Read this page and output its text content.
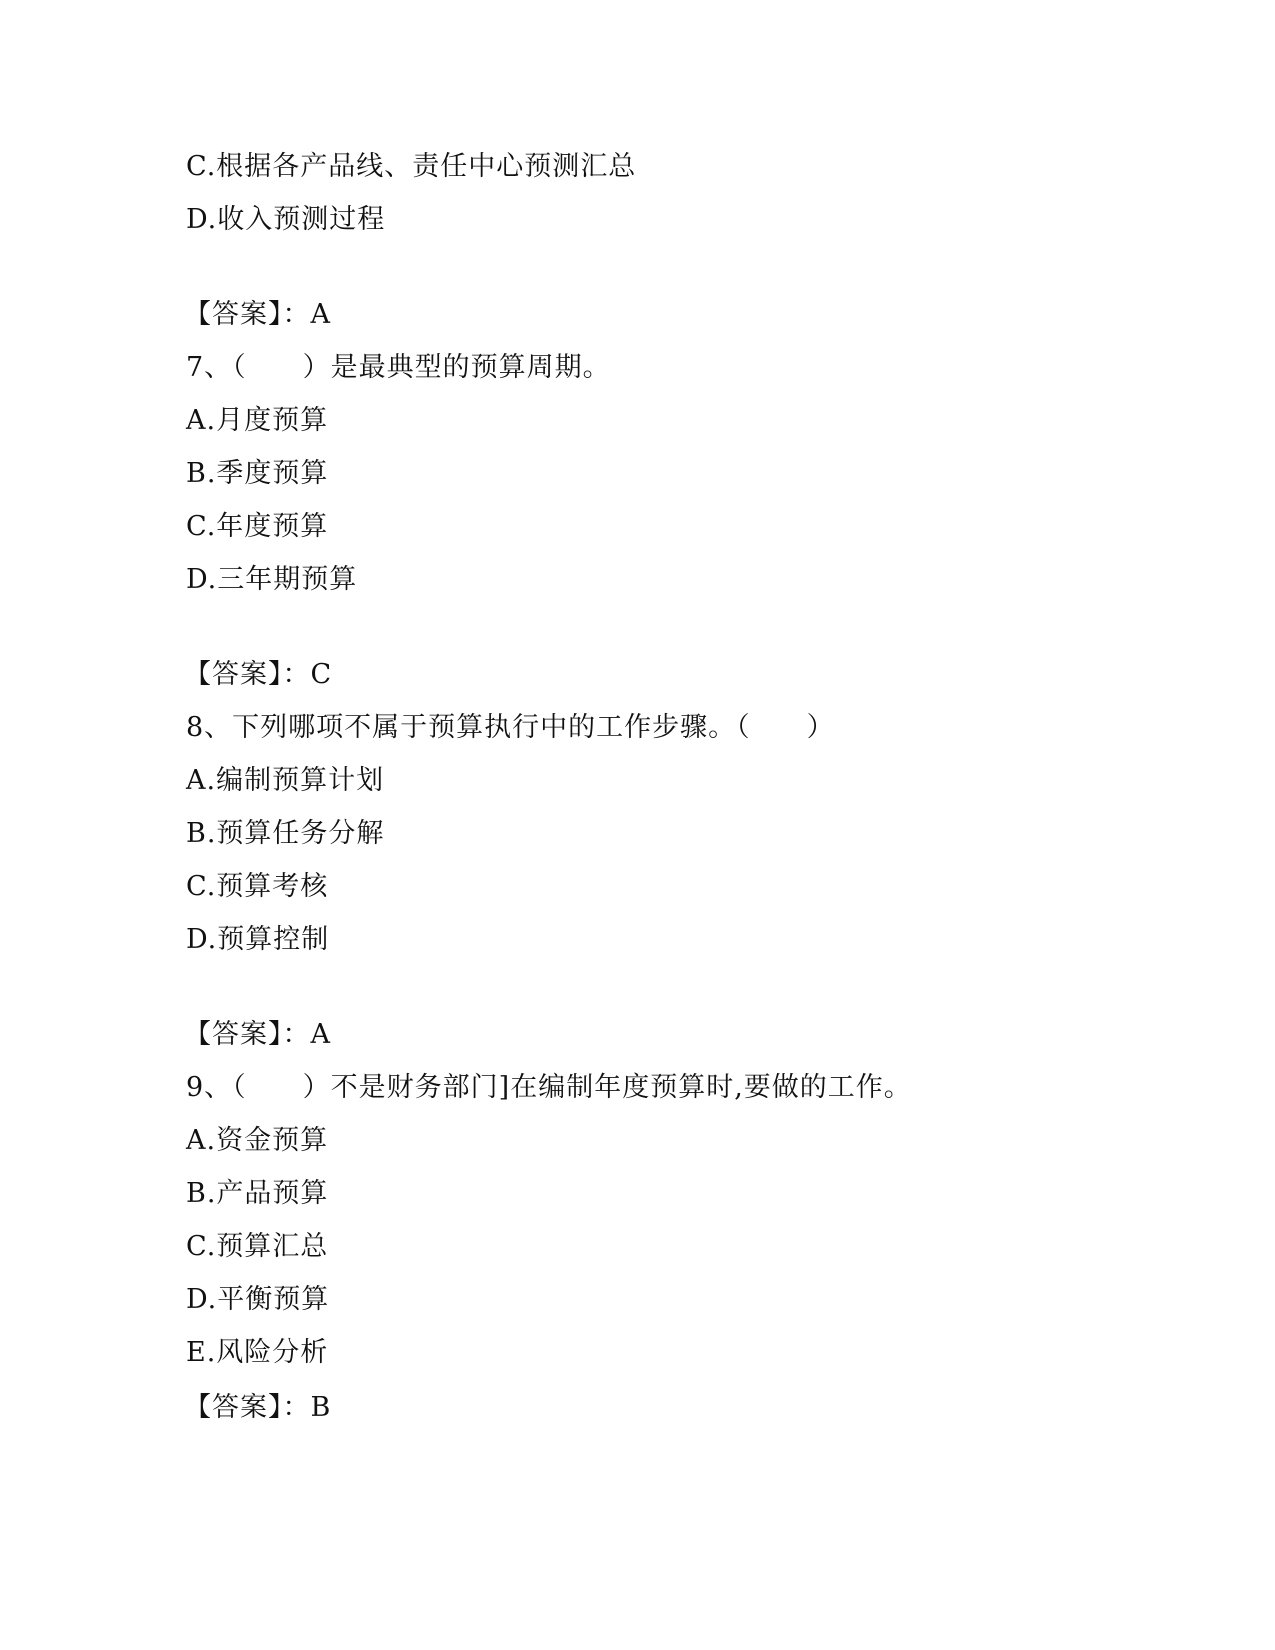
C.根据各产品线、责任中心预测汇总
D.收入预测过程
【答案】：A
7、（　　）是最典型的预算周期。
A.月度预算
B.季度预算
C.年度预算
D.三年期预算
【答案】：C
8、下列哪项不属于预算执行中的工作步骤。（　　）
A.编制预算计划
B.预算任务分解
C.预算考核
D.预算控制
【答案】：A
9、（　　）不是财务部门]在编制年度预算时,要做的工作。
A.资金预算
B.产品预算
C.预算汇总
D.平衡预算
E.风险分析
【答案】：B
